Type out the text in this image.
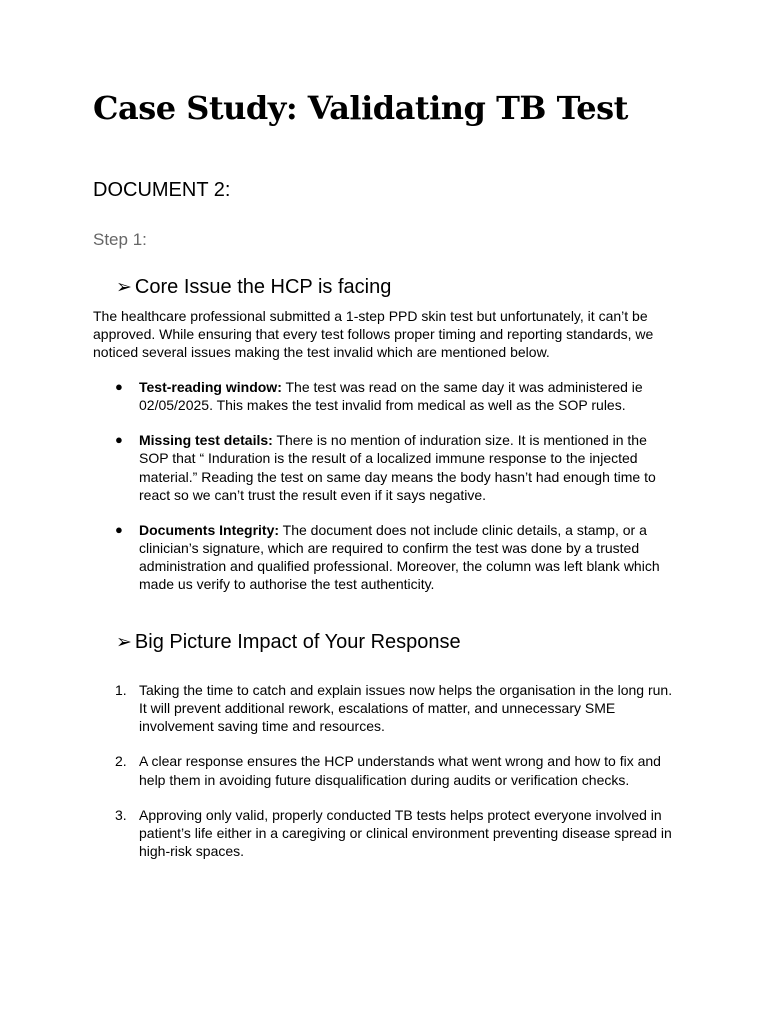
Case Study: Validating TB Test
DOCUMENT 2:
Step 1:
➢ Core Issue the HCP is facing

The healthcare professional submitted a 1-step PPD skin test but unfortunately, it can’t be approved. While ensuring that every test follows proper timing and reporting standards, we noticed several issues making the test invalid which are mentioned below.

● Test-reading window: The test was read on the same day it was administered ie 02/05/2025. This makes the test invalid from medical as well as the SOP rules.
● Missing test details: There is no mention of induration size. It is mentioned in the SOP that “ Induration is the result of a localized immune response to the injected material.” Reading the test on same day means the body hasn’t had enough time to react so we can’t trust the result even if it says negative.
● Documents Integrity: The document does not include clinic details, a stamp, or a clinician’s signature, which are required to confirm the test was done by a trusted administration and qualified professional. Moreover, the column was left blank which made us verify to authorise the test authenticity.
➢ Big Picture Impact of Your Response
1. Taking the time to catch and explain issues now helps the organisation in the long run. It will prevent additional rework, escalations of matter, and unnecessary SME involvement saving time and resources.
2. A clear response ensures the HCP understands what went wrong and how to fix and help them in avoiding future disqualification during audits or verification checks.
3. Approving only valid, properly conducted TB tests helps protect everyone involved in patient’s life either in a caregiving or clinical environment preventing disease spread in high-risk spaces.
